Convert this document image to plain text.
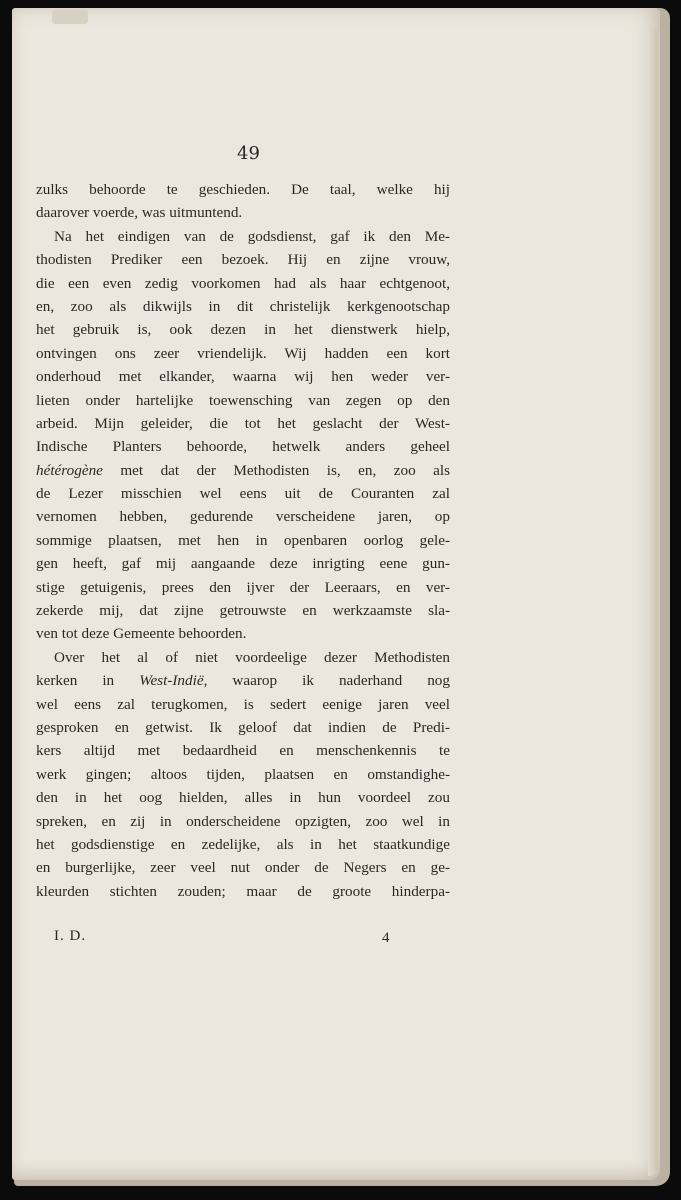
49
zulks behoorde te geschieden. De taal, welke hij
daarover voerde, was uitmuntend.
Na het eindigen van de godsdienst, gaf ik den Me-
thodisten Prediker een bezoek. Hij en zijne vrouw,
die een even zedig voorkomen had als haar echtgenoot,
en, zoo als dikwijls in dit christelijk kerkgenootschap
het gebruik is, ook dezen in het dienstwerk hielp,
ontvingen ons zeer vriendelijk. Wij hadden een kort
onderhoud met elkander, waarna wij hen weder ver-
lieten onder hartelijke toewensching van zegen op den
arbeid. Mijn geleider, die tot het geslacht der West-
Indische Planters behoorde, hetwelk anders geheel
hétérogène met dat der Methodisten is, en, zoo als
de Lezer misschien wel eens uit de Couranten zal
vernomen hebben, gedurende verscheidene jaren, op
sommige plaatsen, met hen in openbaren oorlog gele-
gen heeft, gaf mij aangaande deze inrigting eene gun-
stige getuigenis, prees den ijver der Leeraars, en ver-
zekerde mij, dat zijne getrouwste en werkzaamste sla-
ven tot deze Gemeente behoorden.
Over het al of niet voordeelige dezer Methodisten
kerken in West-Indië, waarop ik naderhand nog
wel eens zal terugkomen, is sedert eenige jaren veel
gesproken en getwist. Ik geloof dat indien de Predi-
kers altijd met bedaardheid en menschenkennis te
werk gingen; altoos tijden, plaatsen en omstandighe-
den in het oog hielden, alles in hun voordeel zou
spreken, en zij in onderscheidene opzigten, zoo wel in
het godsdienstige en zedelijke, als in het staatkundige
en burgerlijke, zeer veel nut onder de Negers en ge-
kleurden stichten zouden; maar de groote hinderpa-
I. D.	4
